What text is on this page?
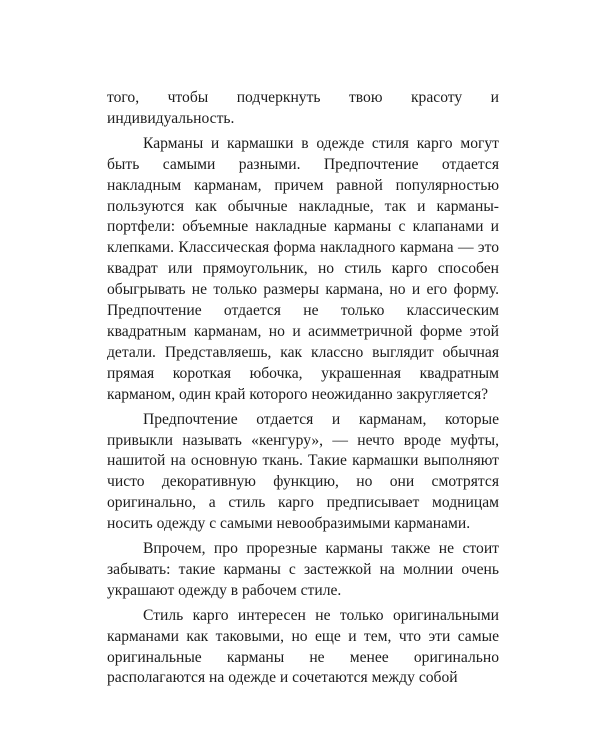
того, чтобы подчеркнуть твою красоту и индивидуальность.

Карманы и кармашки в одежде стиля карго могут быть самыми разными. Предпочтение отдается накладным карманам, причем равной популярностью пользуются как обычные накладные, так и карманы-портфели: объемные накладные карманы с клапанами и клепками. Классическая форма накладного кармана — это квадрат или прямоугольник, но стиль карго способен обыгрывать не только размеры кармана, но и его форму. Предпочтение отдается не только классическим квадратным карманам, но и асимметричной форме этой детали. Представляешь, как классно выглядит обычная прямая короткая юбочка, украшенная квадратным карманом, один край которого неожиданно закругляется?

Предпочтение отдается и карманам, которые привыкли называть «кенгуру», — нечто вроде муфты, нашитой на основную ткань. Такие кармашки выполняют чисто декоративную функцию, но они смотрятся оригинально, а стиль карго предписывает модницам носить одежду с самыми невообразимыми карманами.

Впрочем, про прорезные карманы также не стоит забывать: такие карманы с застежкой на молнии очень украшают одежду в рабочем стиле.

Стиль карго интересен не только оригинальными карманами как таковыми, но еще и тем, что эти самые оригинальные карманы не менее оригинально располагаются на одежде и сочетаются между собой
